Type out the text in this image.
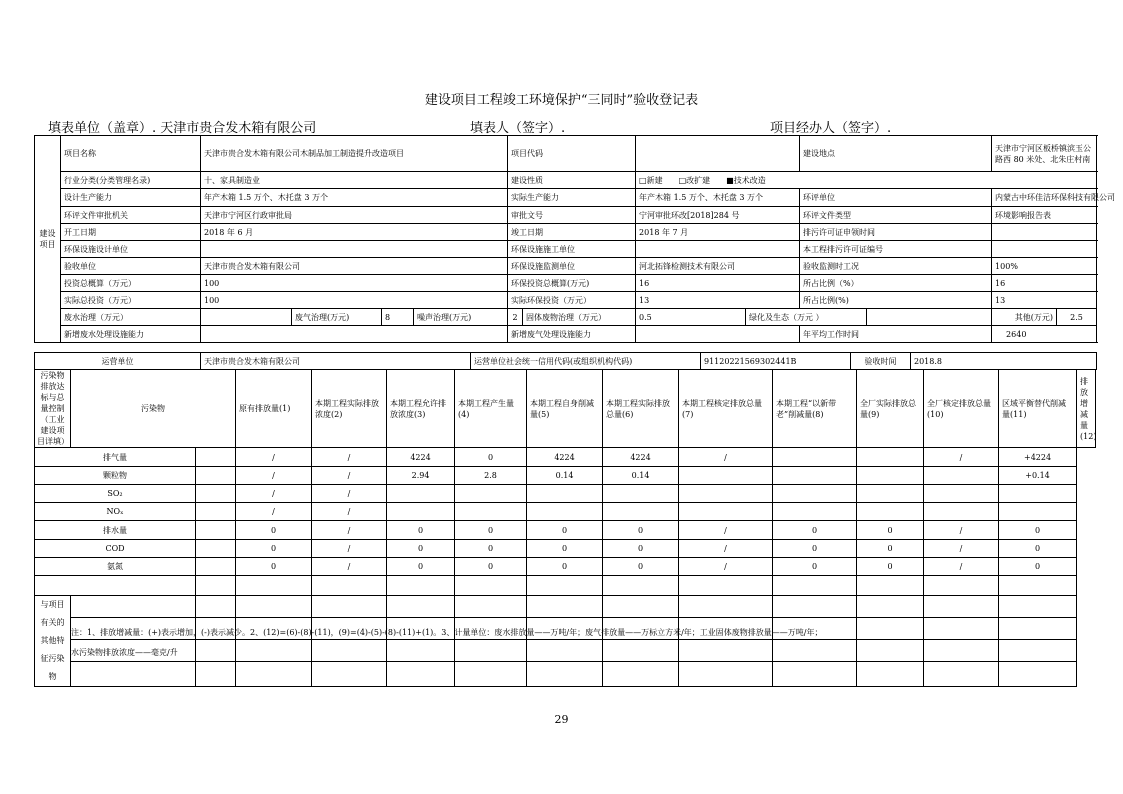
建设项目工程竣工环境保护“三同时”验收登记表
填表单位（盖章）. 天津市贵合发木箱有限公司	填表人（签字）.	项目经办人（签字）.
建设项目	项目名称	天津市贵合发木箱有限公司木制品加工制造提升改造项目				项目代码				建设地点		天津市宁河区板桥镇滨玉公路西 80 米处、北朱庄村南	
	行业分类(分类管理名录)	十、家具制造业				建设性质		□新建　　□改扩建　　■技术改造					
	设计生产能力	年产木箱 1.5 万个、木托盘 3 万个				实际生产能力		年产木箱 1.5 万个、木托盘 3 万个		环评单位		内蒙古中环佳洁环保科技有限公司	
	环评文件审批机关	天津市宁河区行政审批局				审批文号		宁河审批环改[2018]284 号		环评文件类型		环境影响报告表	
	开工日期	2018 年 6 月				竣工日期		2018 年 7 月		排污许可证申领时间			
	环保设施设计单位					环保设施施工单位				本工程排污许可证编号			
	验收单位	天津市贵合发木箱有限公司				环保设施监测单位		河北拓锋检测技术有限公司		验收监测时工况		100%	
	投资总概算（万元）	100				环保投资总概算(万元)		16		所占比例（%）		16	
	实际总投资（万元）	100				实际环保投资（万元）		13		所占比例(%)		13	
	废水治理（万元）		废气治理(万元)	8	噪声治理(万元)	2	固体废物治理（万元）	0.5	绿化及生态（万元 ）			其他(万元)	2.5
	新增废水处理设施能力					新增废气处理设施能力				年平均工作时间		2640	
运营单位	天津市贵合发木箱有限公司	运营单位社会统一信用代码(或组织机构代码)	91120221569302441B	验收时间	2018.8
污染物排放达标与总量控制（工业建设项目详填）	污染物		原有排放量(1)	本期工程实际排放浓度(2)	本期工程允许排放浓度(3)	本期工程产生量(4)	本期工程自身削减量(5)	本期工程实际排放总量(6)	本期工程核定排放总量(7)	本期工程“以新带老”削减量(8)	全厂实际排放总量(9)	全厂核定排放总量(10)	区域平衡替代削减量(11)	排放增减量(12)
排气量			/	/	4224	0	4224	4224	/			/	+4224	
颗粒物			/	/	2.94	2.8	0.14	0.14					+0.14	
SO₂			/	/										
NOₓ			/	/										
排水量			0	/	0	0	0	0	/	0	0	/	0	
COD			0	/	0	0	0	0	/	0	0	/	0	
氨氮			0	/	0	0	0	0	/	0	0	/	0	

与项目有关的其他特征污染物														

注：1、排放增减量：(+)表示增加，(-)表示减少。2、(12)=(6)-(8)-(11)，(9)=(4)-(5)-(8)-(11)+(1)。3、计量单位：废水排放量——万吨/年；废气排放量——万标立方米/年；工业固体废物排放量——万吨/年；
水污染物排放浓度——毫克/升
29
